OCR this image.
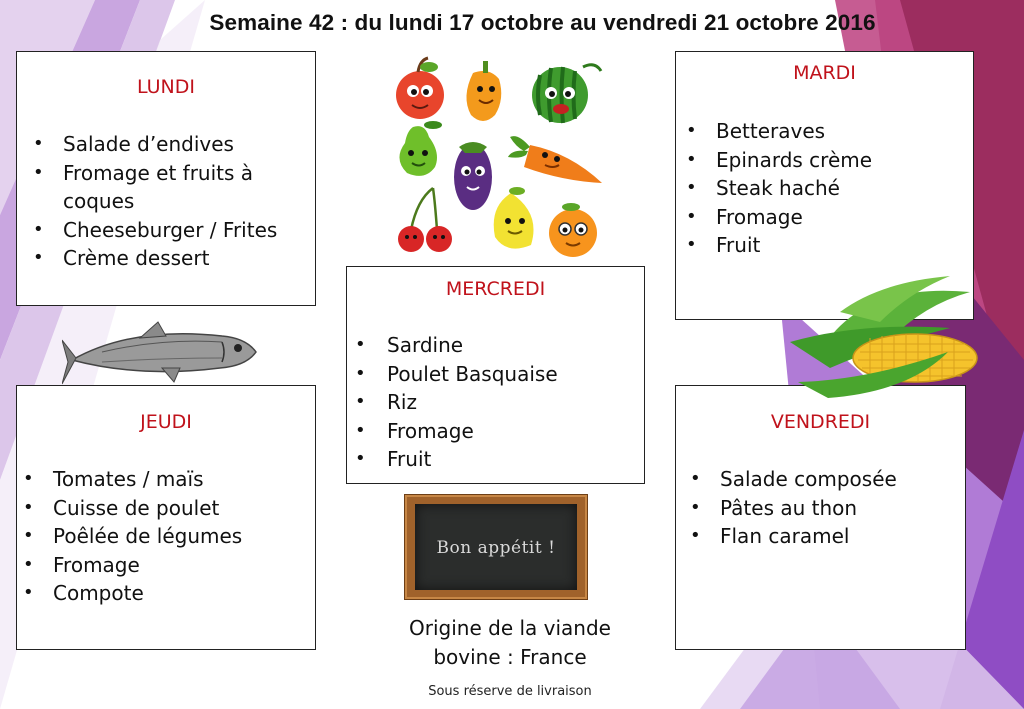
Semaine 42 : du lundi 17 octobre au vendredi 21 octobre 2016
LUNDI
• Salade d’endives
• Fromage et fruits à coques
• Cheeseburger / Frites
• Crème dessert
MARDI
• Betteraves
• Epinards crème
• Steak haché
• Fromage
• Fruit
MERCREDI
• Sardine
• Poulet Basquaise
• Riz
• Fromage
• Fruit
JEUDI
• Tomates / maïs
• Cuisse de poulet
• Poêlée de légumes
• Fromage
• Compote
VENDREDI
• Salade composée
• Pâtes au thon
• Flan caramel
Bon appétit !
Origine de la viande
bovine : France
Sous réserve de livraison
